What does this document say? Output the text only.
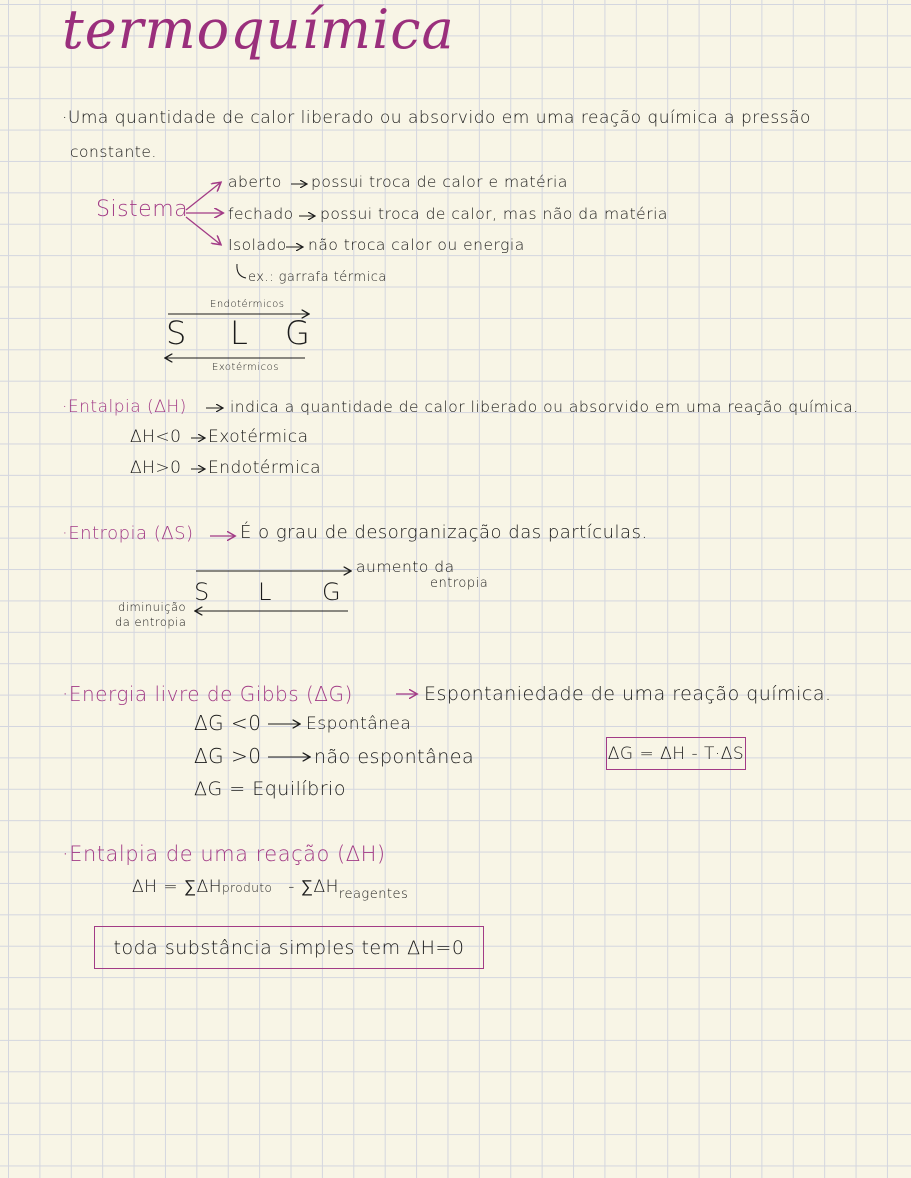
termoquímica
·Uma quantidade de calor liberado ou absorvido em uma reação química a pressão
constante.
Sistema
aberto possui troca de calor e matéria
fechado possui troca de calor, mas não da matéria
Isolado não troca calor ou energia
ex.: garrafa térmica
Endotérmicos
S L G
Exotérmicos
·Entalpia (ΔH)	indica a quantidade de calor liberado ou absorvido em uma reação química.
ΔH<0 Exotérmica
ΔH>0 Endotérmica
·Entropia (ΔS)	É o grau de desorganização das partículas.
S L G
aumento da
entropia
diminuição
da entropia
·Energia livre de Gibbs (ΔG)	Espontaniedade de uma reação química.
ΔG <0	Espontânea
ΔG >0	não espontânea
ΔG = Equilíbrio
ΔG = ΔH - T·ΔS
·Entalpia de uma reação (ΔH)
ΔH = ∑ΔHproduto - $\sum\Delta H_{reagentes}$
toda substância simples tem ΔH=0
